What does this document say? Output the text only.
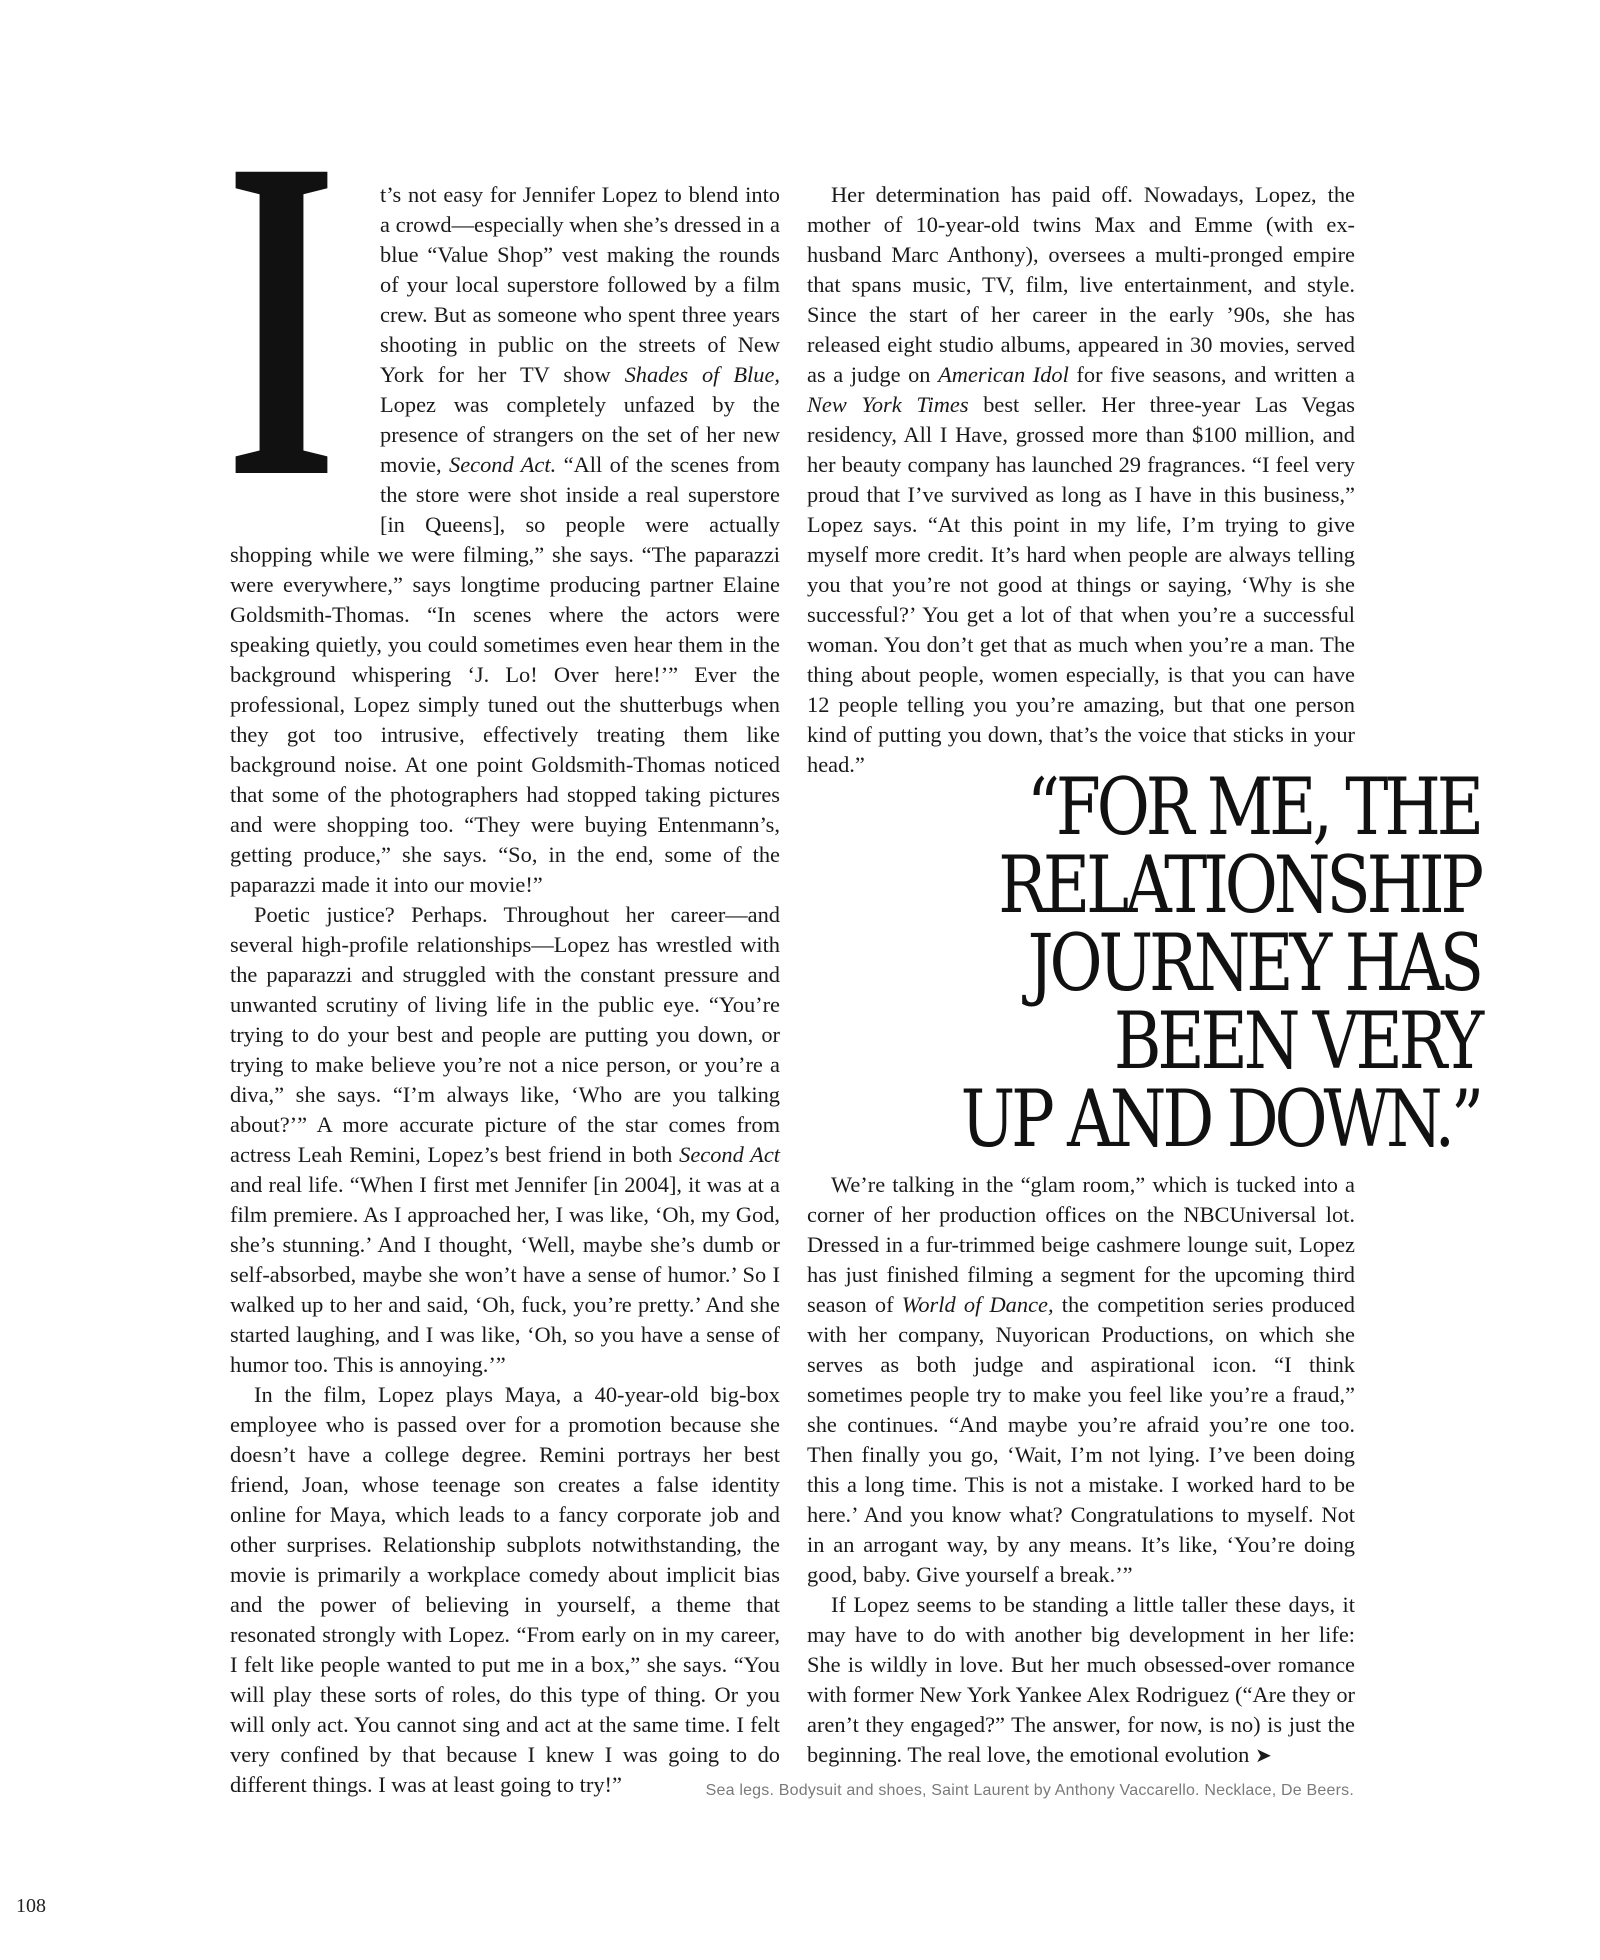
I	t’s not easy for Jennifer Lopez to blend into a crowd—especially when she’s dressed in a blue “Value Shop” vest making the rounds of your local superstore followed by a film crew. But as someone who spent three years shooting in public on the streets of New York for her TV show Shades of Blue, Lopez was completely unfazed by the presence of strangers on the set of her new movie, Second Act. “All of the scenes from the store were shot inside a real superstore [in Queens], so people were actually shopping while we were filming,” she says. “The paparazzi were everywhere,” says longtime producing partner Elaine Goldsmith-Thomas. “In scenes where the actors were speaking quietly, you could sometimes even hear them in the background whispering ‘J. Lo! Over here!’” Ever the professional, Lopez simply tuned out the shutterbugs when they got too intrusive, effectively treating them like background noise. At one point Goldsmith-Thomas noticed that some of the photographers had stopped taking pictures and were shopping too. “They were buying Entenmann’s, getting produce,” she says. “So, in the end, some of the paparazzi made it into our movie!”

Poetic justice? Perhaps. Throughout her career—and several high-profile relationships—Lopez has wrestled with the paparazzi and struggled with the constant pressure and unwanted scrutiny of living life in the public eye. “You’re trying to do your best and people are putting you down, or trying to make believe you’re not a nice person, or you’re a diva,” she says. “I’m always like, ‘Who are you talking about?’” A more accurate picture of the star comes from actress Leah Remini, Lopez’s best friend in both Second Act and real life. “When I first met Jennifer [in 2004], it was at a film premiere. As I approached her, I was like, ‘Oh, my God, she’s stunning.’ And I thought, ‘Well, maybe she’s dumb or self-absorbed, maybe she won’t have a sense of humor.’ So I walked up to her and said, ‘Oh, fuck, you’re pretty.’ And she started laughing, and I was like, ‘Oh, so you have a sense of humor too. This is annoying.’”

In the film, Lopez plays Maya, a 40-year-old big-box employee who is passed over for a promotion because she doesn’t have a college degree. Remini portrays her best friend, Joan, whose teenage son creates a false identity online for Maya, which leads to a fancy corporate job and other surprises. Relationship subplots notwithstanding, the movie is primarily a workplace comedy about implicit bias and the power of believing in yourself, a theme that resonated strongly with Lopez. “From early on in my career, I felt like people wanted to put me in a box,” she says. “You will play these sorts of roles, do this type of thing. Or you will only act. You cannot sing and act at the same time. I felt very confined by that because I knew I was going to do different things. I was at least going to try!”

Her determination has paid off. Nowadays, Lopez, the mother of 10-year-old twins Max and Emme (with ex-husband Marc Anthony), oversees a multi-pronged empire that spans music, TV, film, live entertainment, and style. Since the start of her career in the early ’90s, she has released eight studio albums, appeared in 30 movies, served as a judge on American Idol for five seasons, and written a New York Times best seller. Her three-year Las Vegas residency, All I Have, grossed more than $100 million, and her beauty company has launched 29 fragrances. “I feel very proud that I’ve survived as long as I have in this business,” Lopez says. “At this point in my life, I’m trying to give myself more credit. It’s hard when people are always telling you that you’re not good at things or saying, ‘Why is she successful?’ You get a lot of that when you’re a successful woman. You don’t get that as much when you’re a man. The thing about people, women especially, is that you can have 12 people telling you you’re amazing, but that one person kind of putting you down, that’s the voice that sticks in your head.”	“FOR ME, THE
RELATIONSHIP
JOURNEY HAS
BEEN VERY
UP AND DOWN.”

We’re talking in the “glam room,” which is tucked into a corner of her production offices on the NBCUniversal lot. Dressed in a fur-trimmed beige cashmere lounge suit, Lopez has just finished filming a segment for the upcoming third season of World of Dance, the competition series produced with her company, Nuyorican Productions, on which she serves as both judge and aspirational icon. “I think sometimes people try to make you feel like you’re a fraud,” she continues. “And maybe you’re afraid you’re one too. Then finally you go, ‘Wait, I’m not lying. I’ve been doing this a long time. This is not a mistake. I worked hard to be here.’ And you know what? Congratulations to myself. Not in an arrogant way, by any means. It’s like, ‘You’re doing good, baby. Give yourself a break.’”

If Lopez seems to be standing a little taller these days, it may have to do with another big development in her life: She is wildly in love. But her much obsessed-over romance with former New York Yankee Alex Rodriguez (“Are they or aren’t they engaged?” The answer, for now, is no) is just the beginning. The real love, the emotional evolution ➤

Sea legs. Bodysuit and shoes, Saint Laurent by Anthony Vaccarello. Necklace, De Beers.
108
